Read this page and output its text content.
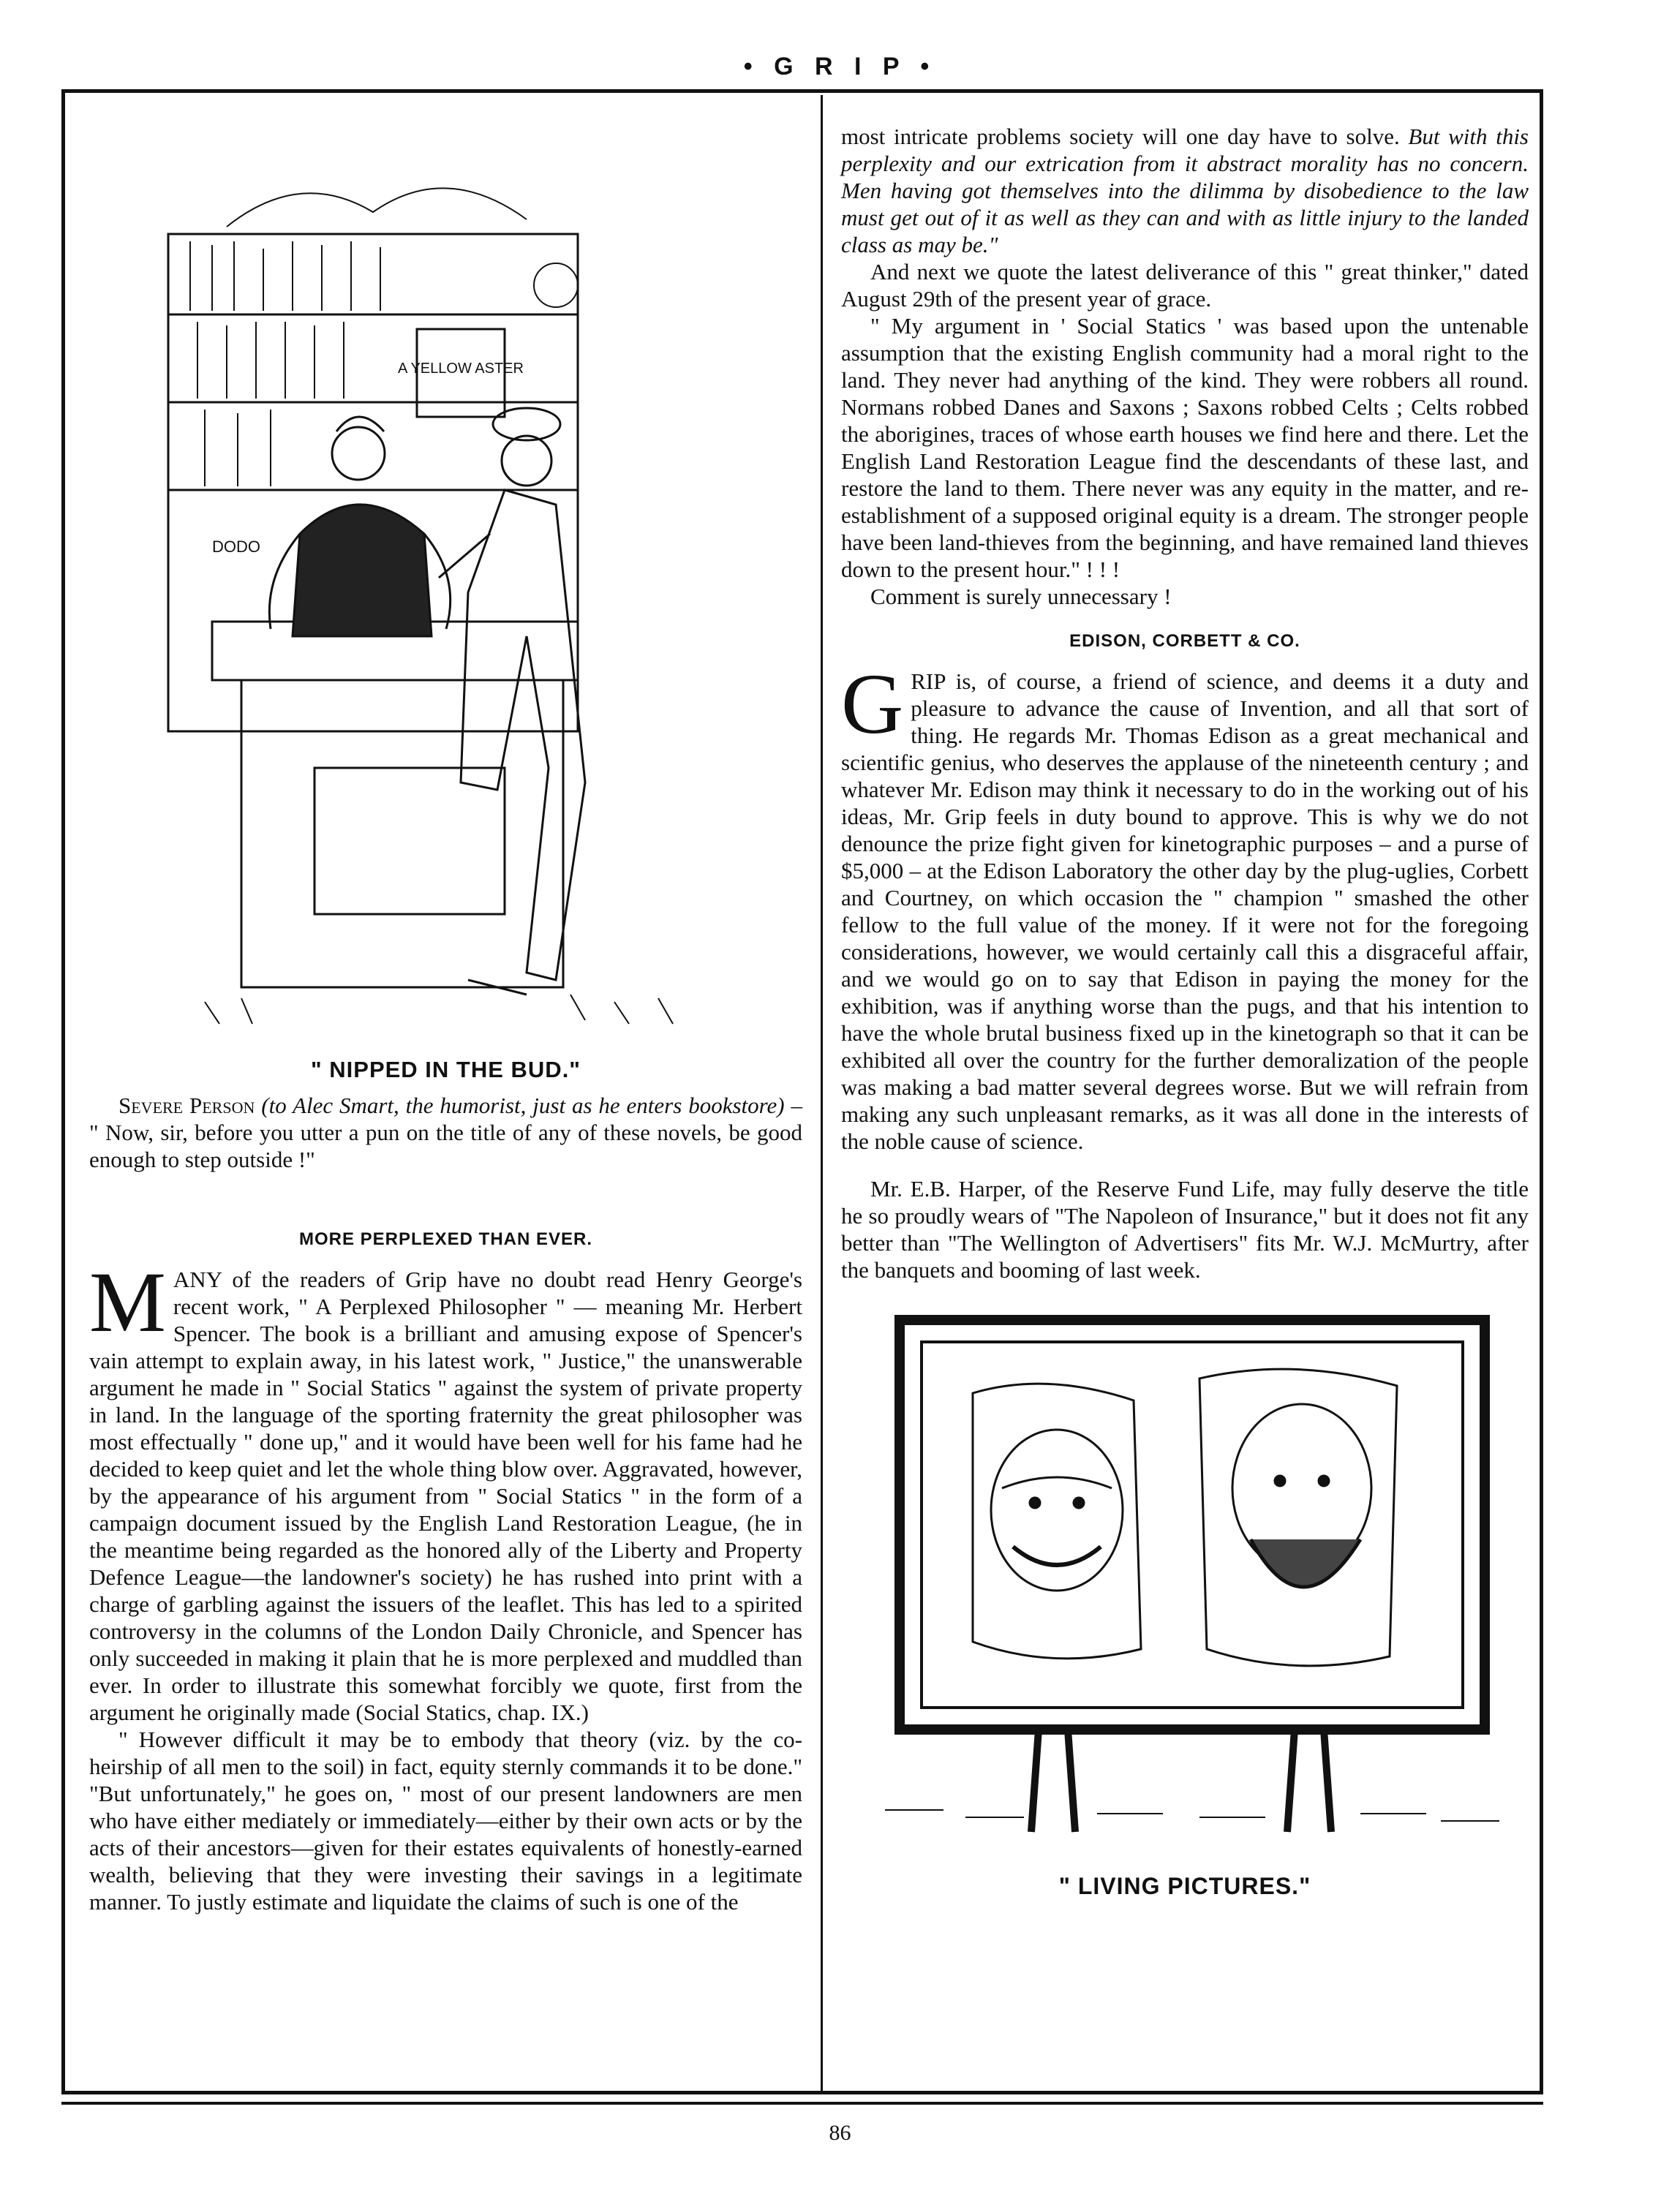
• G R I P •
A YELLOW ASTER
DODO
" NIPPED IN THE BUD."

Severe Person (to Alec Smart, the humorist, just as he enters bookstore) – " Now, sir, before you utter a pun on the title of any of these novels, be good enough to step outside !"

MORE PERPLEXED THAN EVER.

MANY of the readers of Grip have no doubt read Henry George's recent work, " A Perplexed Philosopher " — meaning Mr. Herbert Spencer. The book is a brilliant and amusing expose of Spencer's vain attempt to explain away, in his latest work, " Justice," the unanswerable argument he made in " Social Statics " against the system of private property in land. In the language of the sporting fraternity the great philosopher was most effectually " done up," and it would have been well for his fame had he decided to keep quiet and let the whole thing blow over. Aggravated, however, by the appearance of his argument from " Social Statics " in the form of a campaign document issued by the English Land Restoration League, (he in the meantime being regarded as the honored ally of the Liberty and Property Defence League—the landowner's society) he has rushed into print with a charge of garbling against the issuers of the leaflet. This has led to a spirited controversy in the columns of the London Daily Chronicle, and Spencer has only succeeded in making it plain that he is more perplexed and muddled than ever. In order to illustrate this somewhat forcibly we quote, first from the argument he originally made (Social Statics, chap. IX.)

" However difficult it may be to embody that theory (viz. by the co-heirship of all men to the soil) in fact, equity sternly commands it to be done." "But unfortunately," he goes on, " most of our present landowners are men who have either mediately or immediately—either by their own acts or by the acts of their ancestors—given for their estates equivalents of honestly-earned wealth, believing that they were investing their savings in a legitimate manner. To justly estimate and liquidate the claims of such is one of the

most intricate problems society will one day have to solve. But with this perplexity and our extrication from it abstract morality has no concern. Men having got themselves into the dilimma by disobedience to the law must get out of it as well as they can and with as little injury to the landed class as may be."

And next we quote the latest deliverance of this " great thinker," dated August 29th of the present year of grace.

" My argument in ' Social Statics ' was based upon the untenable assumption that the existing English community had a moral right to the land. They never had anything of the kind. They were robbers all round. Normans robbed Danes and Saxons ; Saxons robbed Celts ; Celts robbed the aborigines, traces of whose earth houses we find here and there. Let the English Land Restoration League find the descendants of these last, and restore the land to them. There never was any equity in the matter, and re-establishment of a supposed original equity is a dream. The stronger people have been land-thieves from the beginning, and have remained land thieves down to the present hour." ! ! !

Comment is surely unnecessary !

EDISON, CORBETT & CO.

GRIP is, of course, a friend of science, and deems it a duty and pleasure to advance the cause of Invention, and all that sort of thing. He regards Mr. Thomas Edison as a great mechanical and scientific genius, who deserves the applause of the nineteenth century ; and whatever Mr. Edison may think it necessary to do in the working out of his ideas, Mr. Grip feels in duty bound to approve. This is why we do not denounce the prize fight given for kinetographic purposes – and a purse of $5,000 – at the Edison Laboratory the other day by the plug-uglies, Corbett and Courtney, on which occasion the " champion " smashed the other fellow to the full value of the money. If it were not for the foregoing considerations, however, we would certainly call this a disgraceful affair, and we would go on to say that Edison in paying the money for the exhibition, was if anything worse than the pugs, and that his intention to have the whole brutal business fixed up in the kinetograph so that it can be exhibited all over the country for the further demoralization of the people was making a bad matter several degrees worse. But we will refrain from making any such unpleasant remarks, as it was all done in the interests of the noble cause of science.

Mr. E.B. Harper, of the Reserve Fund Life, may fully deserve the title he so proudly wears of "The Napoleon of Insurance," but it does not fit any better than "The Wellington of Advertisers" fits Mr. W.J. McMurtry, after the banquets and booming of last week.

" LIVING PICTURES."
86
